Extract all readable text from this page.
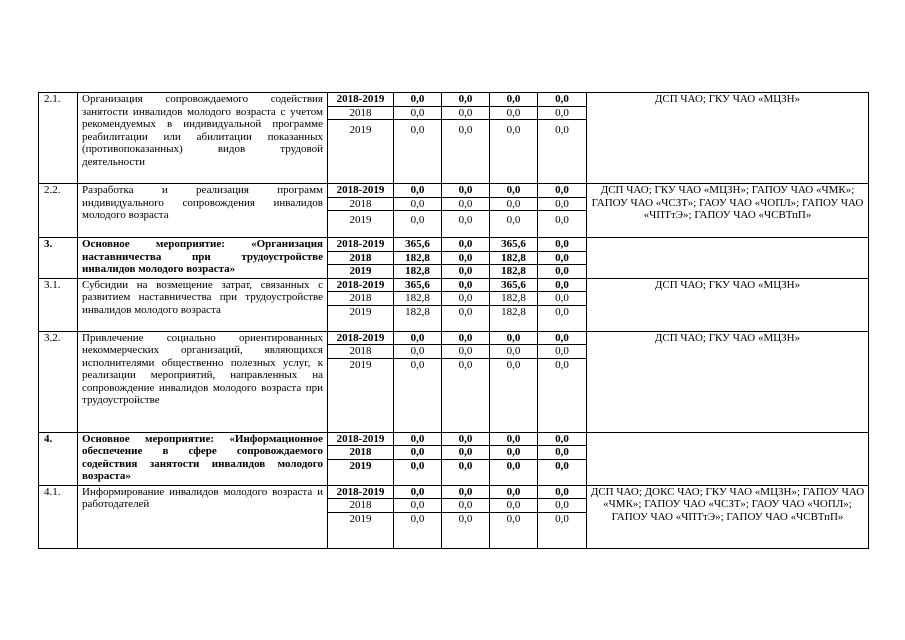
2.1.	Организация сопровождаемого содействия занятости инвалидов молодого возраста с учетом рекомендуемых в индивидуальной программе реабилитации или абилитации показанных (противопоказанных) видов трудовой деятельности	2018-2019	0,0	0,0	0,0	0,0	ДСП ЧАО; ГКУ ЧАО «МЦЗН»
		2018	0,0	0,0	0,0	0,0	
		2019	0,0	0,0	0,0	0,0	
2.2.	Разработка и реализация программ индивидуального сопровождения инвалидов молодого возраста	2018-2019	0,0	0,0	0,0	0,0	ДСП ЧАО; ГКУ ЧАО «МЦЗН»; ГАПОУ ЧАО «ЧМК»; ГАПОУ ЧАО «ЧСЗТ»; ГАОУ ЧАО «ЧОПЛ»; ГАПОУ ЧАО «ЧПТтЭ»; ГАПОУ ЧАО «ЧСВТпП»
		2018	0,0	0,0	0,0	0,0	
		2019	0,0	0,0	0,0	0,0	
3.	Основное мероприятие: «Организация наставничества при трудоустройстве инвалидов молодого возраста»	2018-2019	365,6	0,0	365,6	0,0	
		2018	182,8	0,0	182,8	0,0	
		2019	182,8	0,0	182,8	0,0	
3.1.	Субсидии на возмещение затрат, связанных с развитием наставничества при трудоустройстве инвалидов молодого возраста	2018-2019	365,6	0,0	365,6	0,0	ДСП ЧАО; ГКУ ЧАО «МЦЗН»
		2018	182,8	0,0	182,8	0,0	
		2019	182,8	0,0	182,8	0,0	
3.2.	Привлечение социально ориентированных некоммерческих организаций, являющихся исполнителями общественно полезных услуг, к реализации мероприятий, направленных на сопровождение инвалидов молодого возраста при трудоустройстве	2018-2019	0,0	0,0	0,0	0,0	ДСП ЧАО; ГКУ ЧАО «МЦЗН»
		2018	0,0	0,0	0,0	0,0	
		2019	0,0	0,0	0,0	0,0	
4.	Основное мероприятие: «Информационное обеспечение в сфере сопровождаемого содействия занятости инвалидов молодого возраста»	2018-2019	0,0	0,0	0,0	0,0	
		2018	0,0	0,0	0,0	0,0	
		2019	0,0	0,0	0,0	0,0	
4.1.	Информирование инвалидов молодого возраста и работодателей	2018-2019	0,0	0,0	0,0	0,0	ДСП ЧАО; ДОКС ЧАО; ГКУ ЧАО «МЦЗН»; ГАПОУ ЧАО «ЧМК»; ГАПОУ ЧАО «ЧСЗТ»; ГАОУ ЧАО «ЧОПЛ»; ГАПОУ ЧАО «ЧПТтЭ»; ГАПОУ ЧАО «ЧСВТпП»
		2018	0,0	0,0	0,0	0,0	
		2019	0,0	0,0	0,0	0,0	
